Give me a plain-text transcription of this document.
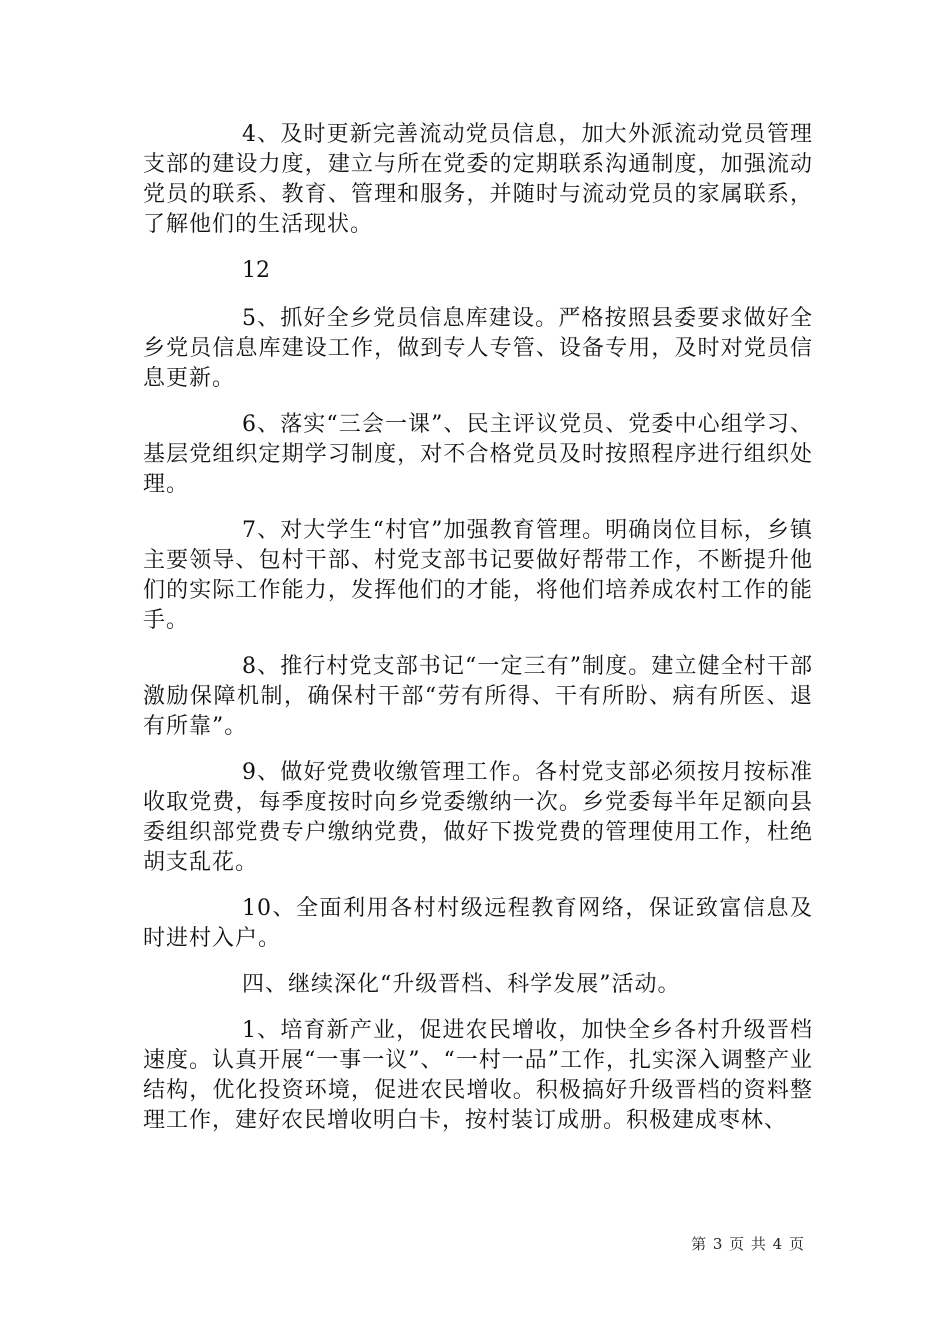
4、及时更新完善流动党员信息，加大外派流动党员管理支部的建设力度，建立与所在党委的定期联系沟通制度，加强流动党员的联系、教育、管理和服务，并随时与流动党员的家属联系，了解他们的生活现状。

12

5、抓好全乡党员信息库建设。严格按照县委要求做好全乡党员信息库建设工作，做到专人专管、设备专用，及时对党员信息更新。

6、落实“三会一课”、民主评议党员、党委中心组学习、基层党组织定期学习制度，对不合格党员及时按照程序进行组织处理。

7、对大学生“村官”加强教育管理。明确岗位目标，乡镇主要领导、包村干部、村党支部书记要做好帮带工作，不断提升他们的实际工作能力，发挥他们的才能，将他们培养成农村工作的能手。

8、推行村党支部书记“一定三有”制度。建立健全村干部激励保障机制，确保村干部“劳有所得、干有所盼、病有所医、退有所靠”。

9、做好党费收缴管理工作。各村党支部必须按月按标准收取党费，每季度按时向乡党委缴纳一次。乡党委每半年足额向县委组织部党费专户缴纳党费，做好下拨党费的管理使用工作，杜绝胡支乱花。

10、全面利用各村村级远程教育网络，保证致富信息及时进村入户。

四、继续深化“升级晋档、科学发展”活动。

1、培育新产业，促进农民增收，加快全乡各村升级晋档速度。认真开展“一事一议”、“一村一品”工作，扎实深入调整产业结构，优化投资环境，促进农民增收。积极搞好升级晋档的资料整理工作，建好农民增收明白卡，按村装订成册。积极建成枣林、

第 3 页 共 4 页
